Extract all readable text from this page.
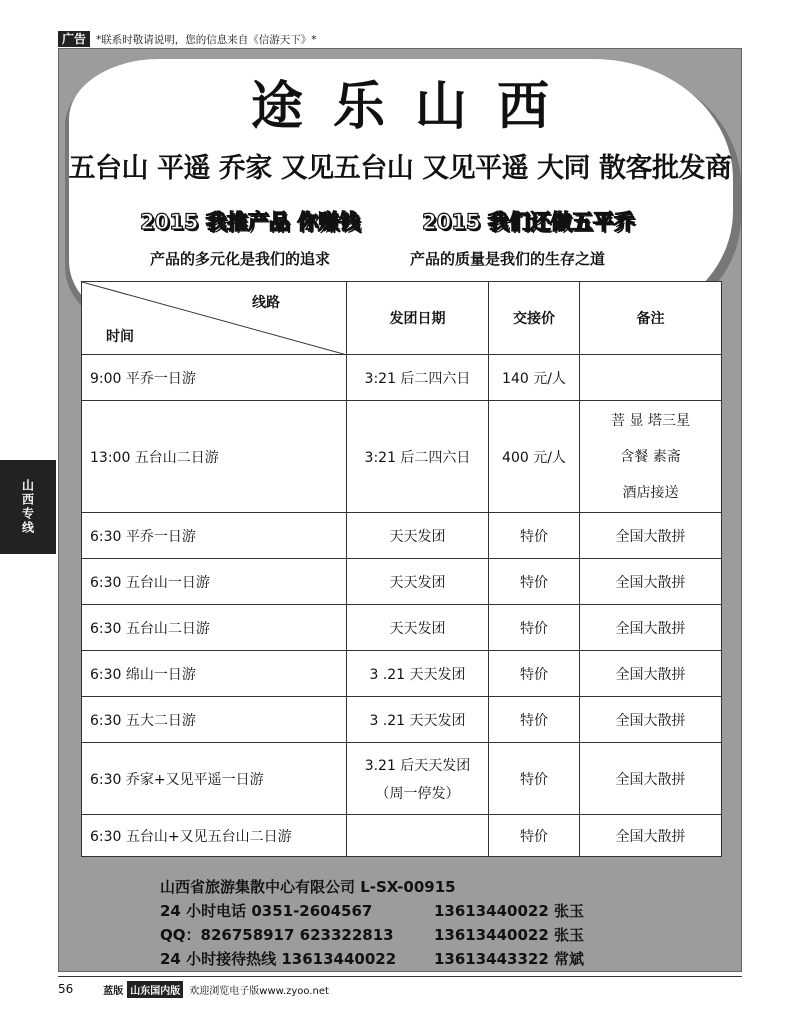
广告 *联系时敬请说明，您的信息来自《信游天下》*
途乐山西
五台山 平遥 乔家 又见五台山 又见平遥 大同 散客批发商
2015 我推产品 你赚钱	2015 我们还做五平乔
产品的多元化是我们的追求	产品的质量是我们的生存之道
线路
时间	发团日期	交接价	备注

9:00 平乔一日游	3:21 后二四六日	140 元/人	

13:00 五台山二日游	3:21 后二四六日	400 元/人	菩 显 塔三星
含餐 素斋
酒店接送

6:30 平乔一日游	天天发团	特价	全国大散拼

6:30 五台山一日游	天天发团	特价	全国大散拼

6:30 五台山二日游	天天发团	特价	全国大散拼

6:30 绵山一日游	3 .21 天天发团	特价	全国大散拼

6:30 五大二日游	3 .21 天天发团	特价	全国大散拼

6:30 乔家+又见平遥一日游	3.21 后天天发团
（周一停发）	特价	全国大散拼

6:30 五台山+又见五台山二日游		特价	全国大散拼
山西省旅游集散中心有限公司 L-SX-00915
24 小时电话 0351-2604567	13613440022 张玉
QQ：826758917 623322813	13613440022 张玉
24 小时接待热线 13613440022	13613443322 常斌
山西专线
56	蓝版 山东国内版 欢迎浏览电子版www.zyoo.net
